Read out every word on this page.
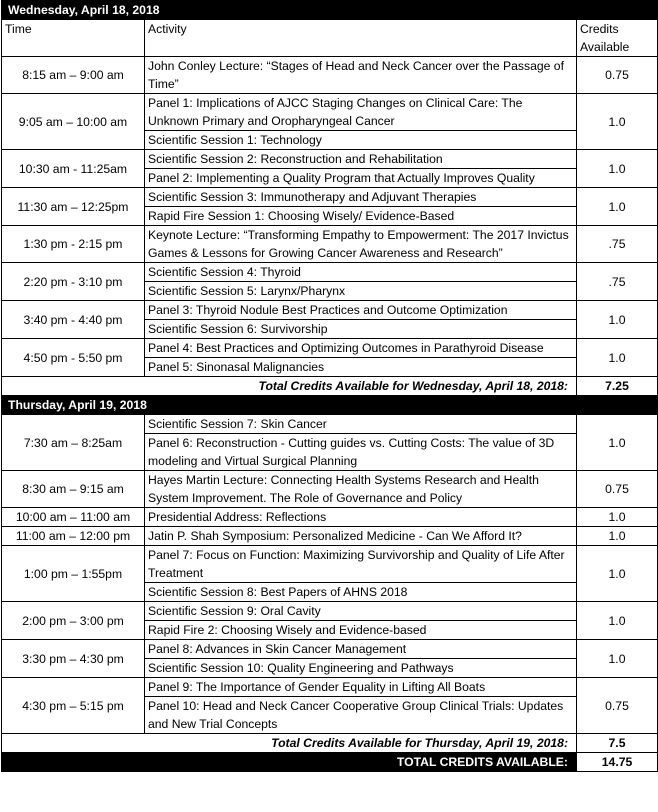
Wednesday, April 18, 2018		
Time	Activity	Credits
Available
8:15 am – 9:00 am	John Conley Lecture: “Stages of Head and Neck Cancer over the Passage of Time”	0.75
9:05 am – 10:00 am	Panel 1: Implications of AJCC Staging Changes on Clinical Care: The Unknown Primary and Oropharyngeal Cancer	1.0
	Scientific Session 1: Technology	
10:30 am - 11:25am	Scientific Session 2: Reconstruction and Rehabilitation	1.0
	Panel 2: Implementing a Quality Program that Actually Improves Quality	
11:30 am – 12:25pm	Scientific Session 3: Immunotherapy and Adjuvant Therapies	1.0
	Rapid Fire Session 1: Choosing Wisely/ Evidence-Based	
1:30 pm - 2:15 pm	Keynote Lecture: “Transforming Empathy to Empowerment: The 2017 Invictus Games & Lessons for Growing Cancer Awareness and Research”	.75
2:20 pm - 3:10 pm	Scientific Session 4: Thyroid	.75
	Scientific Session 5: Larynx/Pharynx	
3:40 pm - 4:40 pm	Panel 3: Thyroid Nodule Best Practices and Outcome Optimization	1.0
	Scientific Session 6: Survivorship	
4:50 pm - 5:50 pm	Panel 4: Best Practices and Optimizing Outcomes in Parathyroid Disease	1.0
	Panel 5: Sinonasal Malignancies	
Total Credits Available for Wednesday, April 18, 2018:		7.25
Thursday, April 19, 2018		
7:30 am – 8:25am	Scientific Session 7: Skin Cancer	1.0
	Panel 6: Reconstruction - Cutting guides vs. Cutting Costs: The value of 3D modeling and Virtual Surgical Planning	
8:30 am – 9:15 am	Hayes Martin Lecture: Connecting Health Systems Research and Health System Improvement. The Role of Governance and Policy	0.75
10:00 am – 11:00 am	Presidential Address: Reflections	1.0
11:00 am – 12:00 pm	Jatin P. Shah Symposium: Personalized Medicine - Can We Afford It?	1.0
1:00 pm – 1:55pm	Panel 7: Focus on Function: Maximizing Survivorship and Quality of Life After Treatment	1.0
	Scientific Session 8: Best Papers of AHNS 2018	
2:00 pm – 3:00 pm	Scientific Session 9: Oral Cavity	1.0
	Rapid Fire 2: Choosing Wisely and Evidence-based	
3:30 pm – 4:30 pm	Panel 8: Advances in Skin Cancer Management	1.0
	Scientific Session 10: Quality Engineering and Pathways	
4:30 pm – 5:15 pm	Panel 9: The Importance of Gender Equality in Lifting All Boats	0.75
	Panel 10: Head and Neck Cancer Cooperative Group Clinical Trials: Updates and New Trial Concepts	
Total Credits Available for Thursday, April 19, 2018:		7.5
TOTAL CREDITS AVAILABLE:		14.75
